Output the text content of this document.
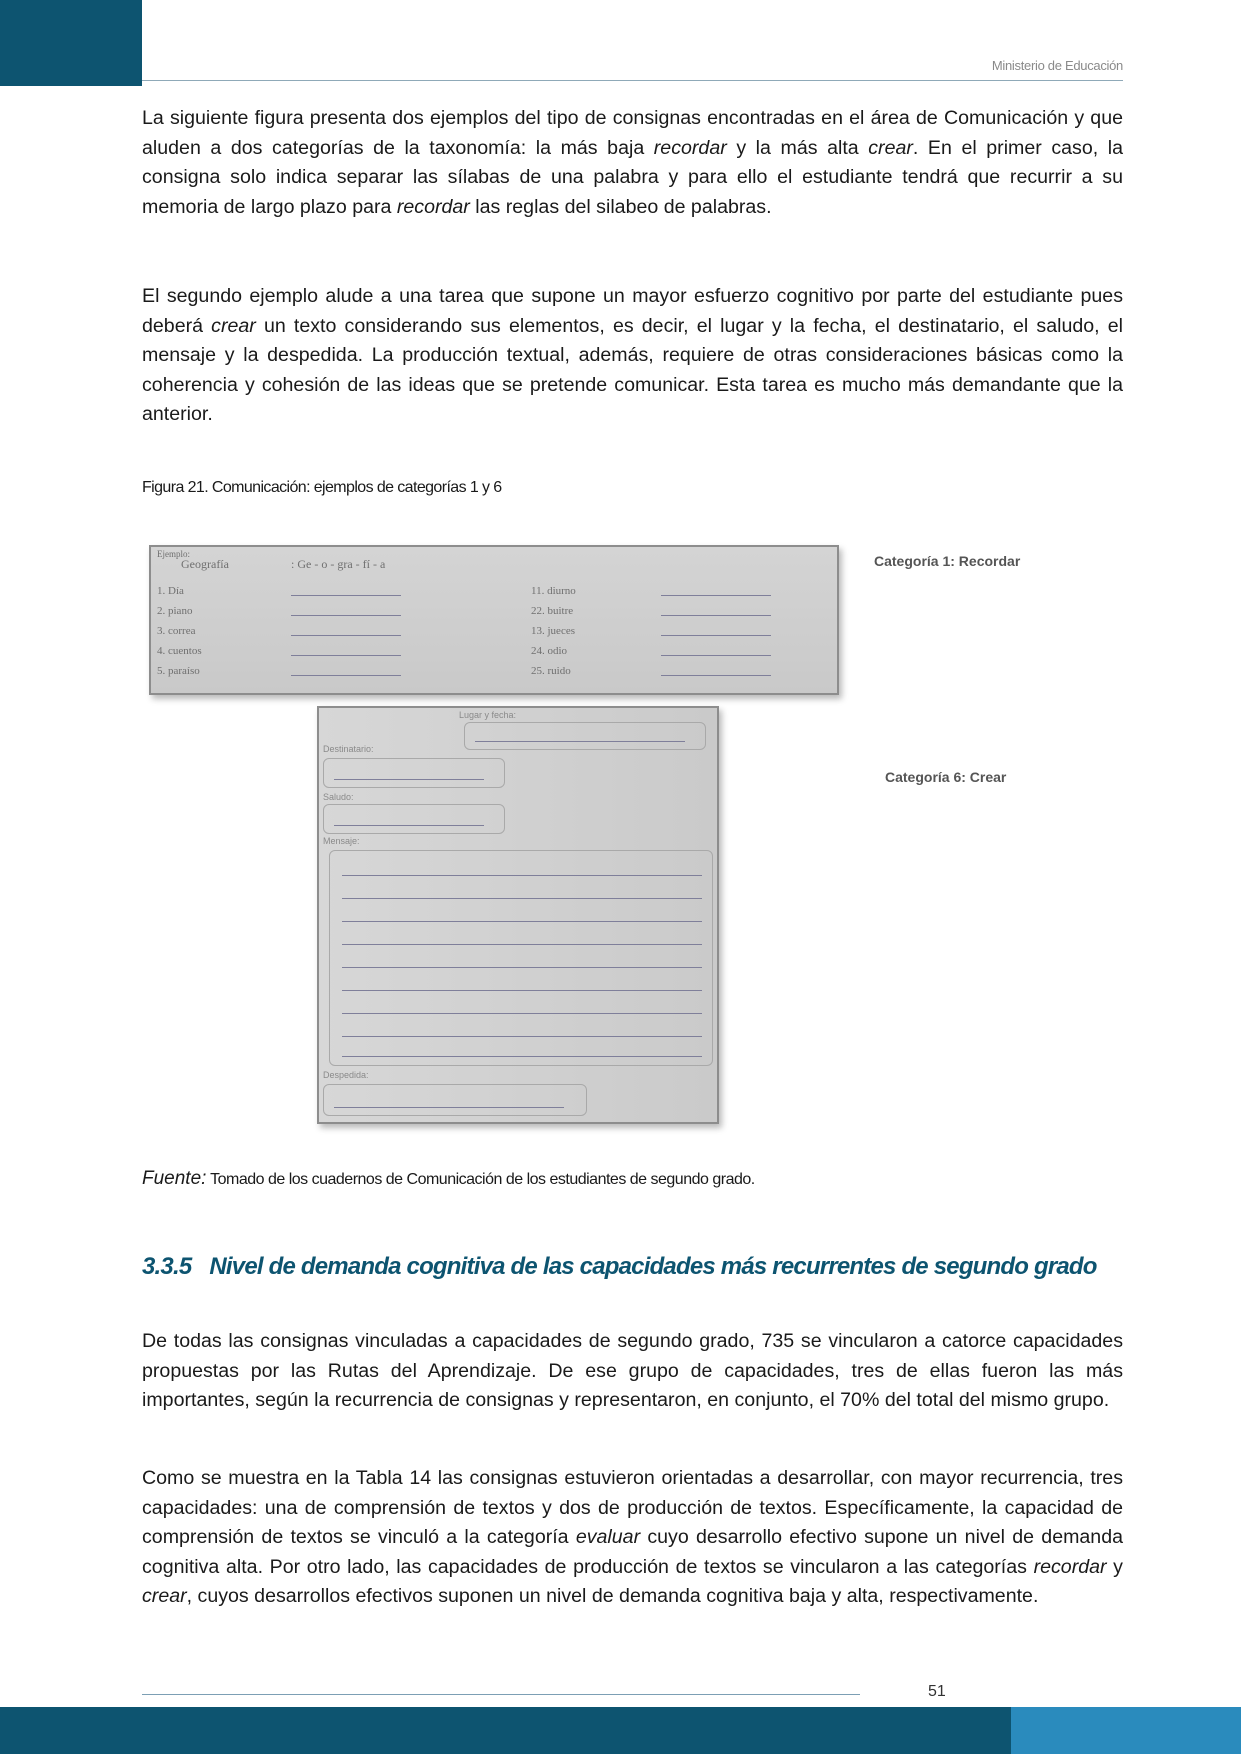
Ministerio de Educación

La siguiente figura presenta dos ejemplos del tipo de consignas encontradas en el área de Comunicación y que aluden a dos categorías de la taxonomía: la más baja recordar y la más alta crear. En el primer caso, la consigna solo indica separar las sílabas de una palabra y para ello el estudiante tendrá que recurrir a su memoria de largo plazo para recordar las reglas del silabeo de palabras.

El segundo ejemplo alude a una tarea que supone un mayor esfuerzo cognitivo por parte del estudiante pues deberá crear un texto considerando sus elementos, es decir, el lugar y la fecha, el destinatario, el saludo, el mensaje y la despedida. La producción textual, además, requiere de otras consideraciones básicas como la coherencia y cohesión de las ideas que se pretende comunicar. Esta tarea es mucho más demandante que la anterior.

Figura 21. Comunicación: ejemplos de categorías 1 y 6
Ejemplo:
Geografía	: Ge - o - gra - fí - a
1. Día
2. piano
3. correa
4. cuentos
5. paraíso
11. diurno
22. buitre
13. jueces
24. odio
25. ruido
Categoría 1: Recordar
Lugar y fecha:
Destinatario:
Saludo:
Mensaje:
Despedida:
Categoría 6: Crear
Fuente: Tomado de los cuadernos de Comunicación de los estudiantes de segundo grado.
3.3.5 Nivel de demanda cognitiva de las capacidades más recurrentes de segundo grado

De todas las consignas vinculadas a capacidades de segundo grado, 735 se vincularon a catorce capacidades propuestas por las Rutas del Aprendizaje. De ese grupo de capacidades, tres de ellas fueron las más importantes, según la recurrencia de consignas y representaron, en conjunto, el 70% del total del mismo grupo.

Como se muestra en la Tabla 14 las consignas estuvieron orientadas a desarrollar, con mayor recurrencia, tres capacidades: una de comprensión de textos y dos de producción de textos. Específicamente, la capacidad de comprensión de textos se vinculó a la categoría evaluar cuyo desarrollo efectivo supone un nivel de demanda cognitiva alta. Por otro lado, las capacidades de producción de textos se vincularon a las categorías recordar y crear, cuyos desarrollos efectivos suponen un nivel de demanda cognitiva baja y alta, respectivamente.

51
